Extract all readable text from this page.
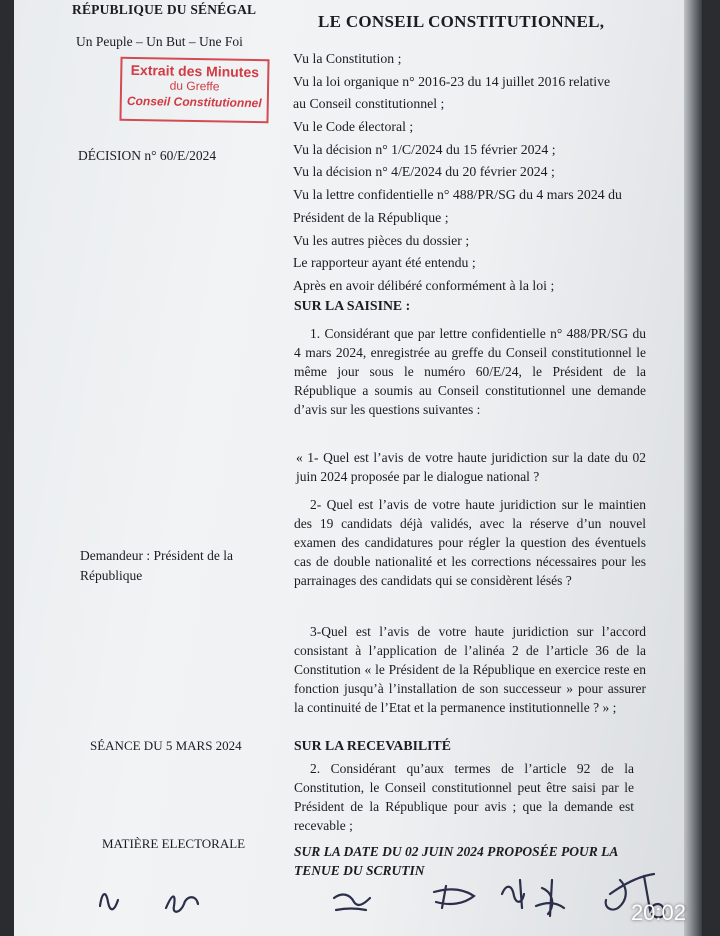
RÉPUBLIQUE DU SÉNÉGAL
Un Peuple – Un But – Une Foi
Extrait des Minutes
du Greffe
Conseil Constitutionnel
DÉCISION n° 60/E/2024
Demandeur : Président de la République
SÉANCE DU 5 MARS 2024
MATIÈRE ELECTORALE
LE CONSEIL CONSTITUTIONNEL,
Vu la Constitution ;
Vu la loi organique n° 2016-23 du 14 juillet 2016 relative
au Conseil constitutionnel ;
Vu le Code électoral ;
Vu la décision n° 1/C/2024 du 15 février 2024 ;
Vu la décision n° 4/E/2024 du 20 février 2024 ;
Vu la lettre confidentielle n° 488/PR/SG du 4 mars 2024 du
Président de la République ;
Vu les autres pièces du dossier ;
Le rapporteur ayant été entendu ;
Après en avoir délibéré conformément à la loi ;
SUR LA SAISINE :
1. Considérant que par lettre confidentielle n° 488/PR/SG du 4 mars 2024, enregistrée au greffe du Conseil constitutionnel le même jour sous le numéro 60/E/24, le Président de la République a soumis au Conseil constitutionnel une demande d’avis sur les questions suivantes :
« 1- Quel est l’avis de votre haute juridiction sur la date du 02 juin 2024 proposée par le dialogue national ?
2- Quel est l’avis de votre haute juridiction sur le maintien des 19 candidats déjà validés, avec la réserve d’un nouvel examen des candidatures pour régler la question des éventuels cas de double nationalité et les corrections nécessaires pour les parrainages des candidats qui se considèrent lésés ?
3-Quel est l’avis de votre haute juridiction sur l’accord consistant à l’application de l’alinéa 2 de l’article 36 de la Constitution « le Président de la République en exercice reste en fonction jusqu’à l’installation de son successeur » pour assurer la continuité de l’Etat et la permanence institutionnelle ? » ;
SUR LA RECEVABILITÉ
2. Considérant qu’aux termes de l’article 92 de la Constitution, le Conseil constitutionnel peut être saisi par le Président de la République pour avis ; que la demande est recevable ;
SUR LA DATE DU 02 JUIN 2024 PROPOSÉE POUR LA TENUE DU SCRUTIN
20:02
